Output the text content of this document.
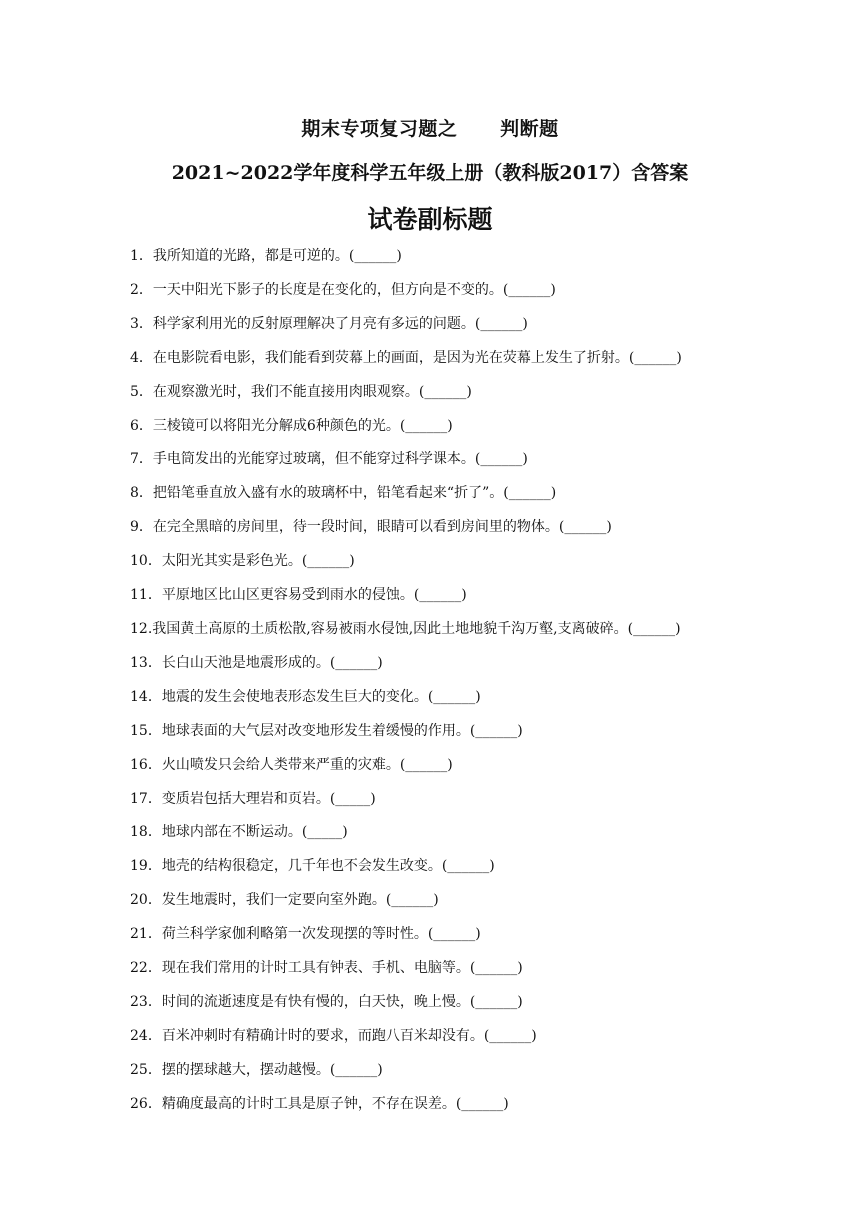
期末专项复习题之      判断题
2021~2022学年度科学五年级上册（教科版2017）含答案
试卷副标题
1．我所知道的光路，都是可逆的。(______)
2．一天中阳光下影子的长度是在变化的，但方向是不变的。(______)
3．科学家利用光的反射原理解决了月亮有多远的问题。(______)
4．在电影院看电影，我们能看到荧幕上的画面，是因为光在荧幕上发生了折射。(______)
5．在观察激光时，我们不能直接用肉眼观察。(______)
6．三棱镜可以将阳光分解成6种颜色的光。(______)
7．手电筒发出的光能穿过玻璃，但不能穿过科学课本。(______)
8．把铅笔垂直放入盛有水的玻璃杯中，铅笔看起来“折了”。(______)
9．在完全黑暗的房间里，待一段时间，眼睛可以看到房间里的物体。(______)
10．太阳光其实是彩色光。(______)
11．平原地区比山区更容易受到雨水的侵蚀。(______)
12.我国黄土高原的土质松散,容易被雨水侵蚀,因此土地地貌千沟万壑,支离破碎。(______)
13．长白山天池是地震形成的。(______)
14．地震的发生会使地表形态发生巨大的变化。(______)
15．地球表面的大气层对改变地形发生着缓慢的作用。(______)
16．火山喷发只会给人类带来严重的灾难。(______)
17．变质岩包括大理岩和页岩。(_____)
18．地球内部在不断运动。(_____)
19．地壳的结构很稳定，几千年也不会发生改变。(______)
20．发生地震时，我们一定要向室外跑。(______)
21．荷兰科学家伽利略第一次发现摆的等时性。(______)
22．现在我们常用的计时工具有钟表、手机、电脑等。(______)
23．时间的流逝速度是有快有慢的，白天快，晚上慢。(______)
24．百米冲刺时有精确计时的要求，而跑八百米却没有。(______)
25．摆的摆球越大，摆动越慢。(______)
26．精确度最高的计时工具是原子钟，不存在误差。(______)
